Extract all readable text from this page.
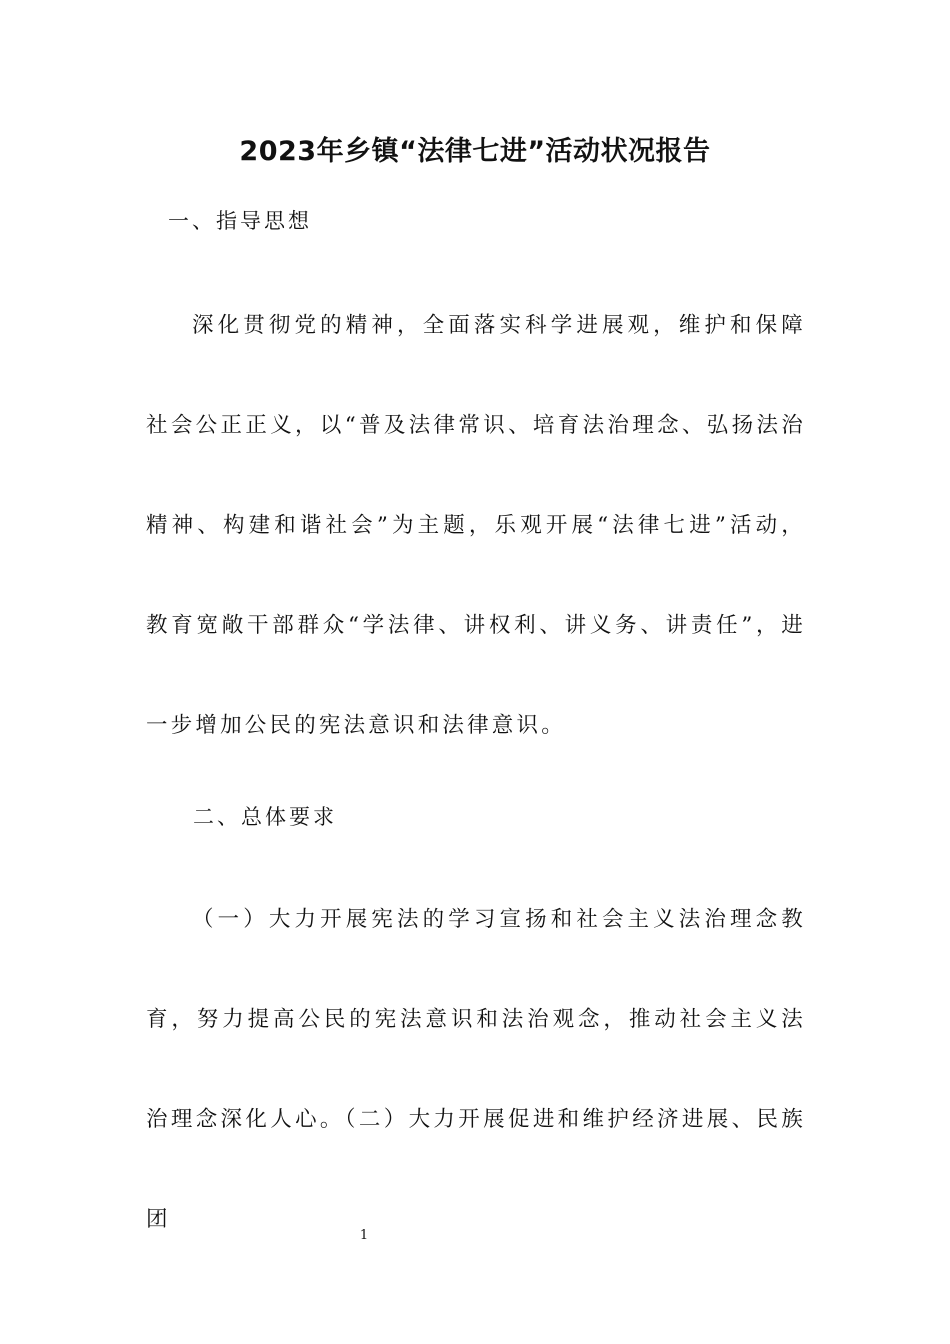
2023年乡镇“法律七进”活动状况报告

一、指导思想

深化贯彻党的精神，全面落实科学进展观，维护和保障社会公正正义，以“普及法律常识、培育法治理念、弘扬法治精神、构建和谐社会”为主题，乐观开展“法律七进”活动，教育宽敞干部群众“学法律、讲权利、讲义务、讲责任”，进一步增加公民的宪法意识和法律意识。

二、总体要求

（一）大力开展宪法的学习宣扬和社会主义法治理念教育，努力提高公民的宪法意识和法治观念，推动社会主义法治理念深化人心。（二）大力开展促进和维护经济进展、民族团

1
